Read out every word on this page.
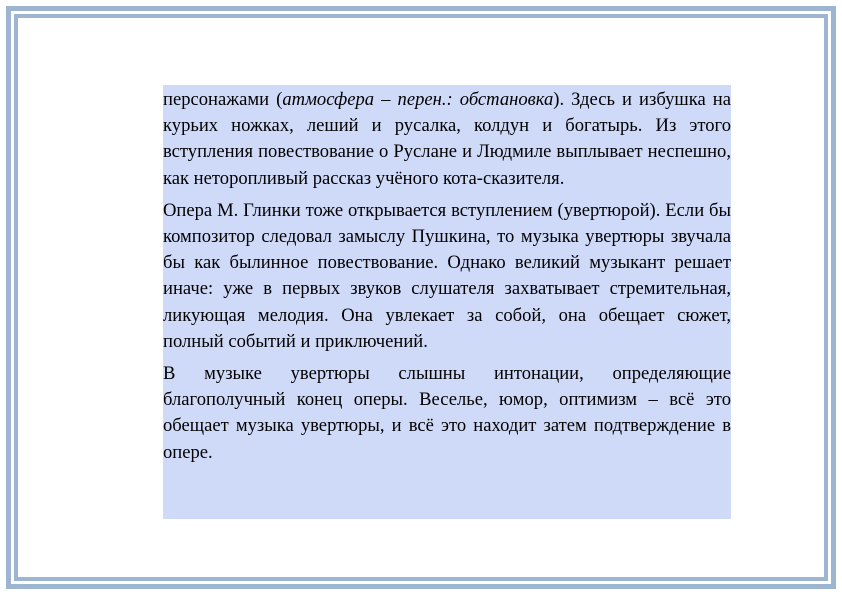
персонажами (атмосфера – перен.: обстановка). Здесь и избушка на курьих ножках, леший и русалка, колдун и богатырь. Из этого вступления повествование о Руслане и Людмиле выплывает неспешно, как неторопливый рассказ учёного кота-сказителя.

Опера М. Глинки тоже открывается вступлением (увертюрой). Если бы композитор следовал замыслу Пушкина, то музыка увертюры звучала бы как былинное повествование. Однако великий музыкант решает иначе: уже в первых звуков слушателя захватывает стремительная, ликующая мелодия. Она увлекает за собой, она обещает сюжет, полный событий и приключений.

В музыке увертюры слышны интонации, определяющие благополучный конец оперы. Веселье, юмор, оптимизм – всё это обещает музыка увертюры, и всё это находит затем подтверждение в опере.
